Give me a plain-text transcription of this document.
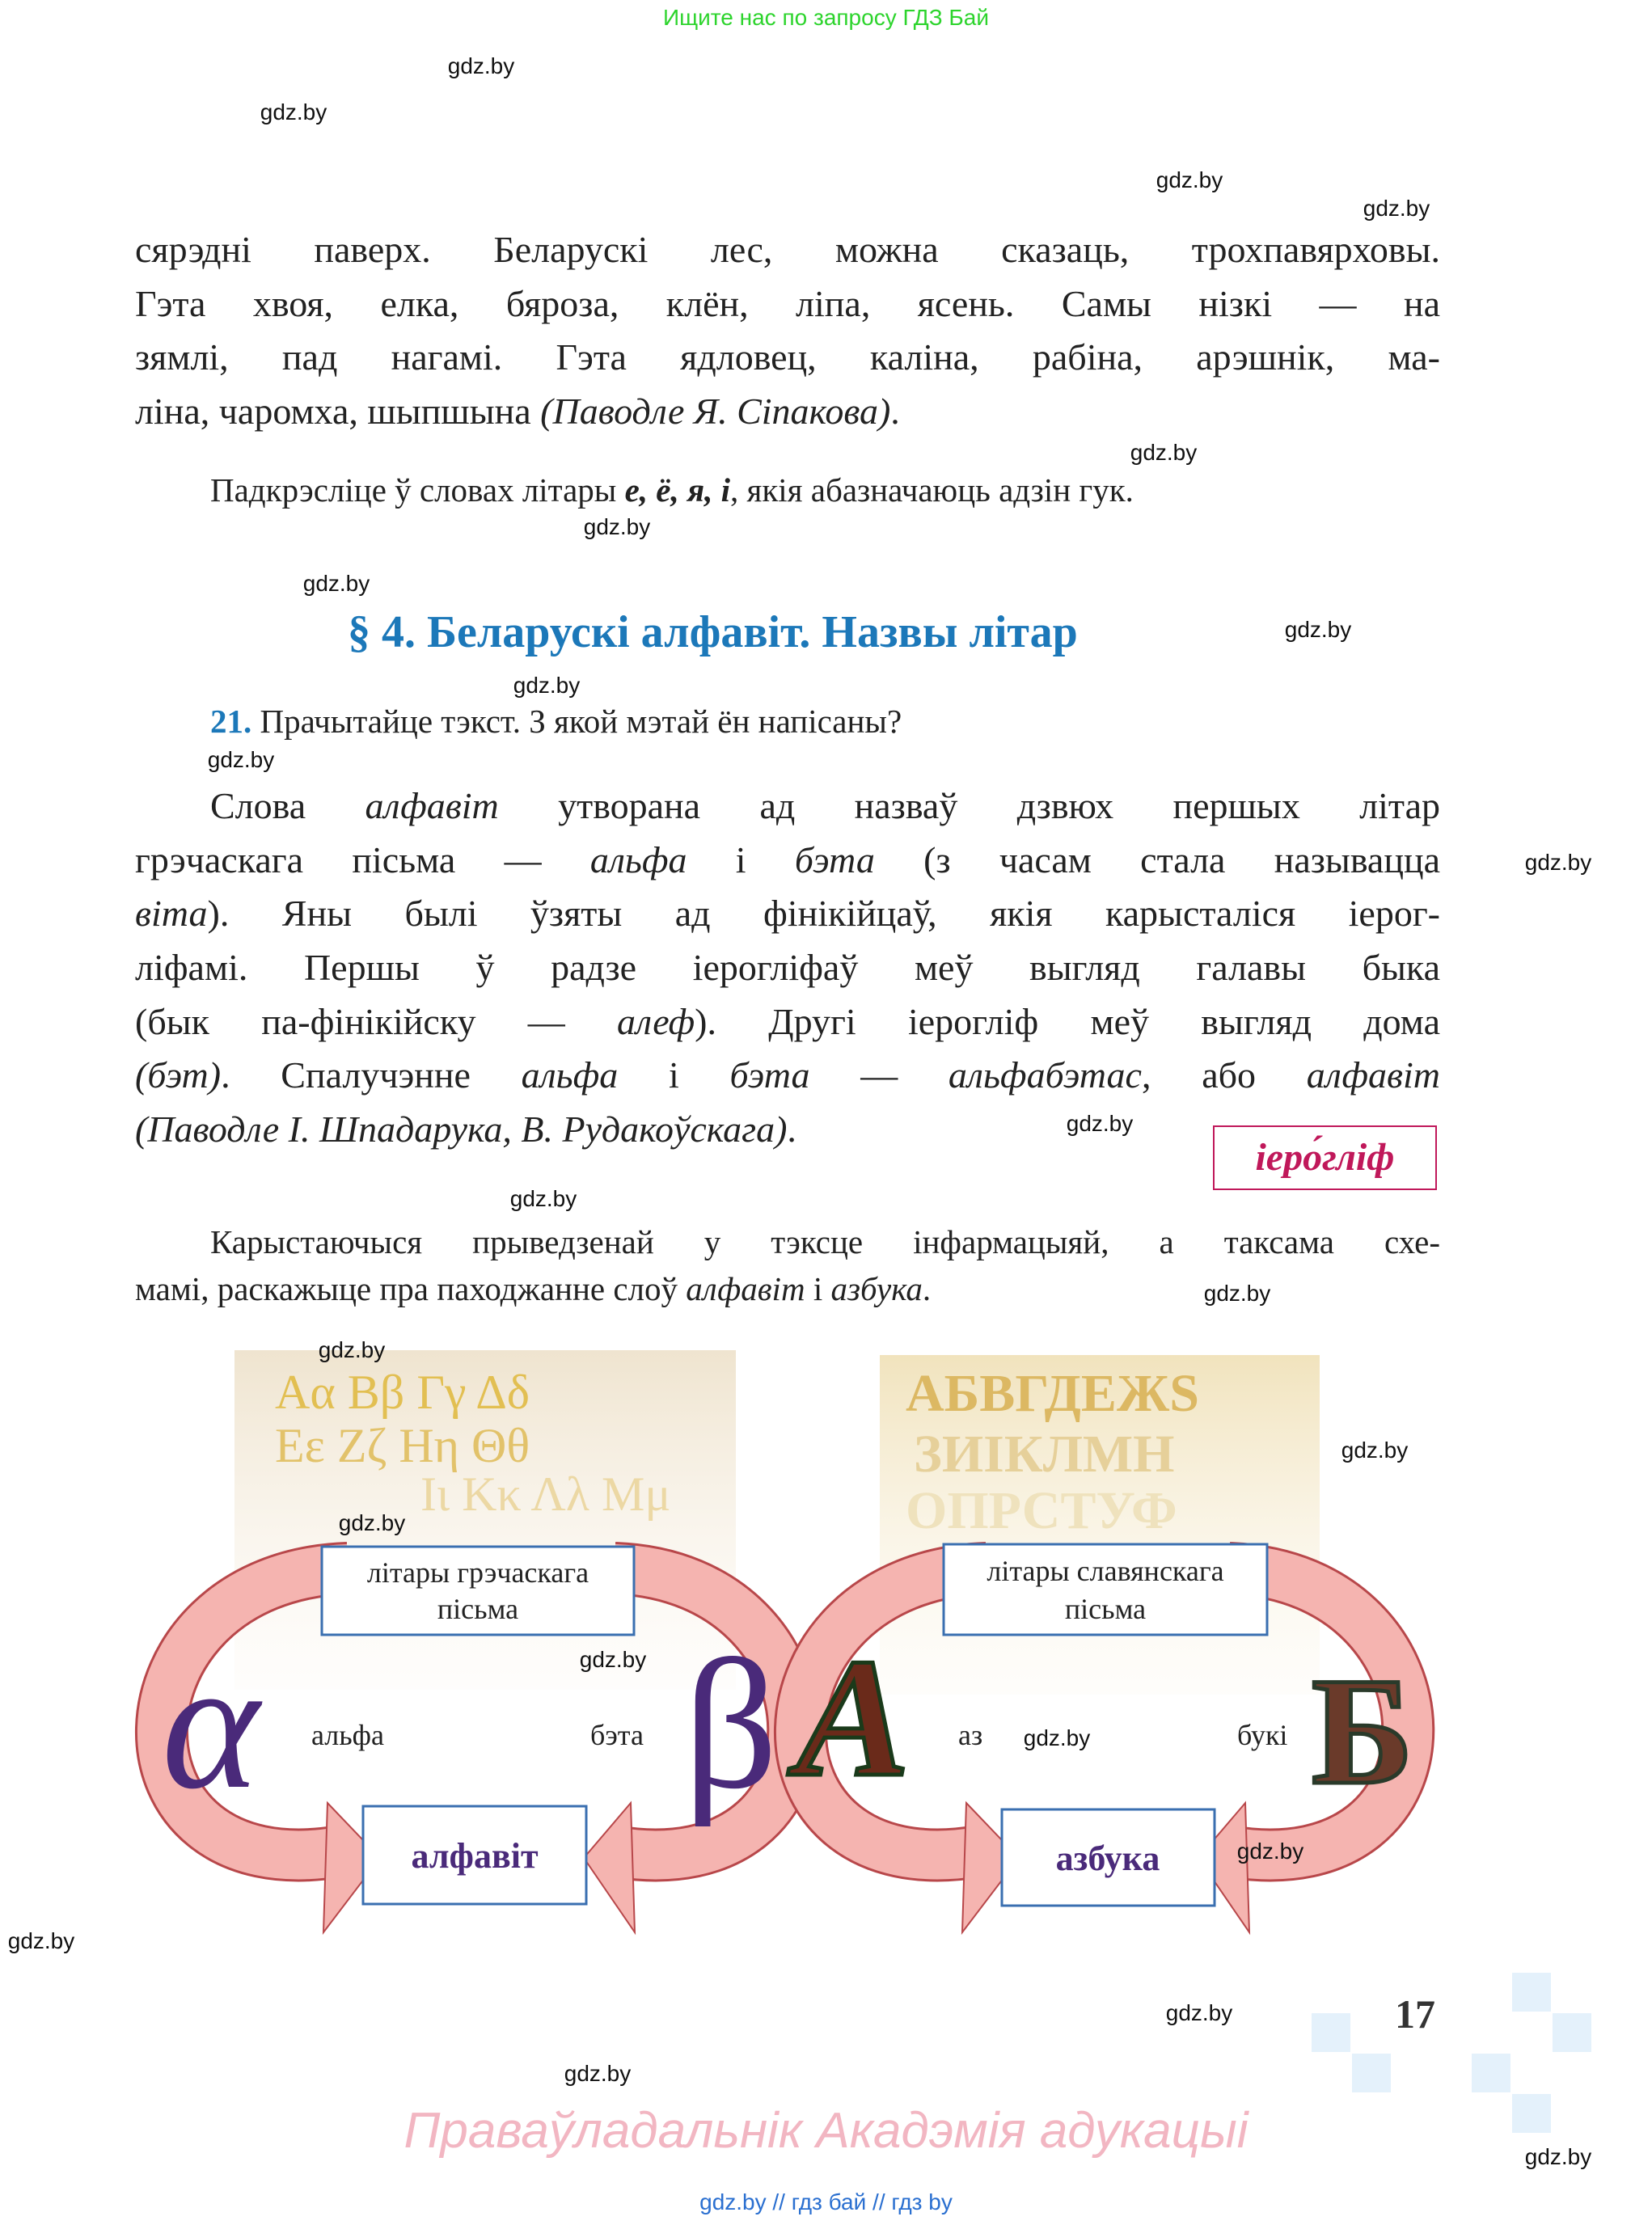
Ищите нас по запросу ГДЗ Бай
сярэдні паверх. Беларускі лес, можна сказаць, трохпавярховы.
Гэта хвоя, елка, бяроза, клён, ліпа, ясень. Самы нізкі — на
зямлі, пад нагамі. Гэта ядловец, каліна, рабіна, арэшнік, ма-
ліна, чаромха, шыпшына (Паводле Я. Сіпакова).
Падкрэсліце ў словах літары е, ё, я, і, якія абазначаюць адзін гук.
§ 4. Беларускі алфавіт. Назвы літар
21. Прачытайце тэкст. З якой мэтай ён напісаны?
Слова алфавіт утворана ад назваў дзвюх першых літар
грэчаскага пісьма — альфа і бэта (з часам стала называцца
віта). Яны былі ўзяты ад фінікійцаў, якія карысталіся іерог-
ліфамі. Першы ў радзе іерогліфаў меў выгляд галавы быка
(бык па-фінікійску — алеф). Другі іерогліф меў выгляд дома
(бэт). Спалучэнне альфа і бэта — альфабэтас, або алфавіт
(Паводле І. Шпадарука, В. Рудакоўскага).
іеро́гліф
Карыстаючыся прыведзенай у тэксце інфармацыяй, а таксама схе-
мамі, раскажыце пра паходжанне слоў алфавіт і азбука.
Αα Ββ Γγ Δδ
Εε Ζζ Ηη Θθ
Ιι Κκ Λλ Μμ
літары грэчаскага
пісьма
α альфа	бэта β
алфавіт
АБВГДЕЖЅ
ЗИІКЛМН
ОПРСТУФ
літары славянскага
пісьма
А аз	букі Б
азбука
17
Праваўладальнік Акадэмія адукацыі
gdz.by // гдз бай // гдз by
gdz.by
gdz.by
gdz.by
gdz.by
gdz.by
gdz.by
gdz.by
gdz.by
gdz.by
gdz.by
gdz.by
gdz.by
gdz.by
gdz.by
gdz.by
gdz.by
gdz.by
gdz.by
gdz.by
gdz.by
gdz.by
gdz.by
gdz.by
gdz.by
